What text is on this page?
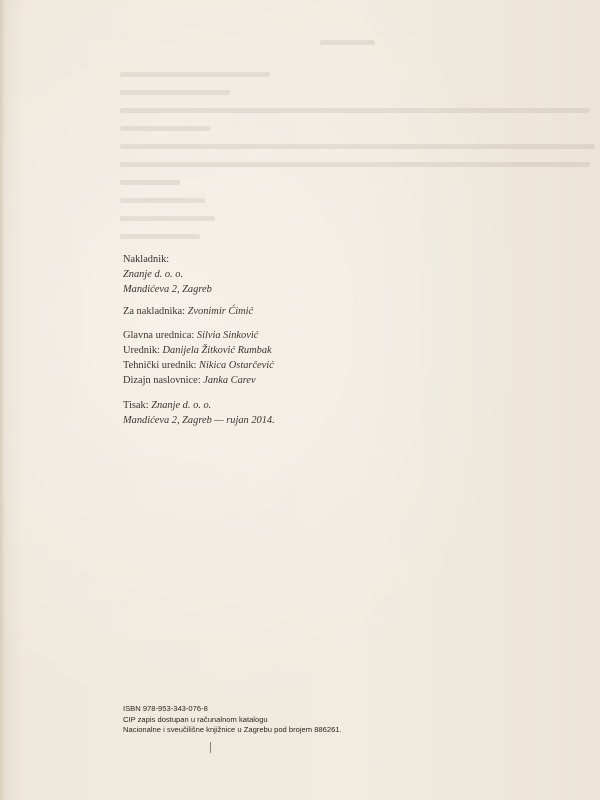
Nakladnik:
Znanje d. o. o.
Mandićeva 2, Zagreb
Za nakladnika: Zvonimir Ćimić
Glavna urednica: Silvia Sinković
Urednik: Danijela Žitković Rumbak
Tehnički urednik: Nikica Ostarčević
Dizajn naslovnice: Janka Carev
Tisak: Znanje d. o. o.
Mandićeva 2, Zagreb — rujan 2014.
ISBN 978-953-343-076-8
CIP zapis dostupan u računalnom katalogu
Nacionalne i sveučilišne knjižnice u Zagrebu pod brojem 886261.
